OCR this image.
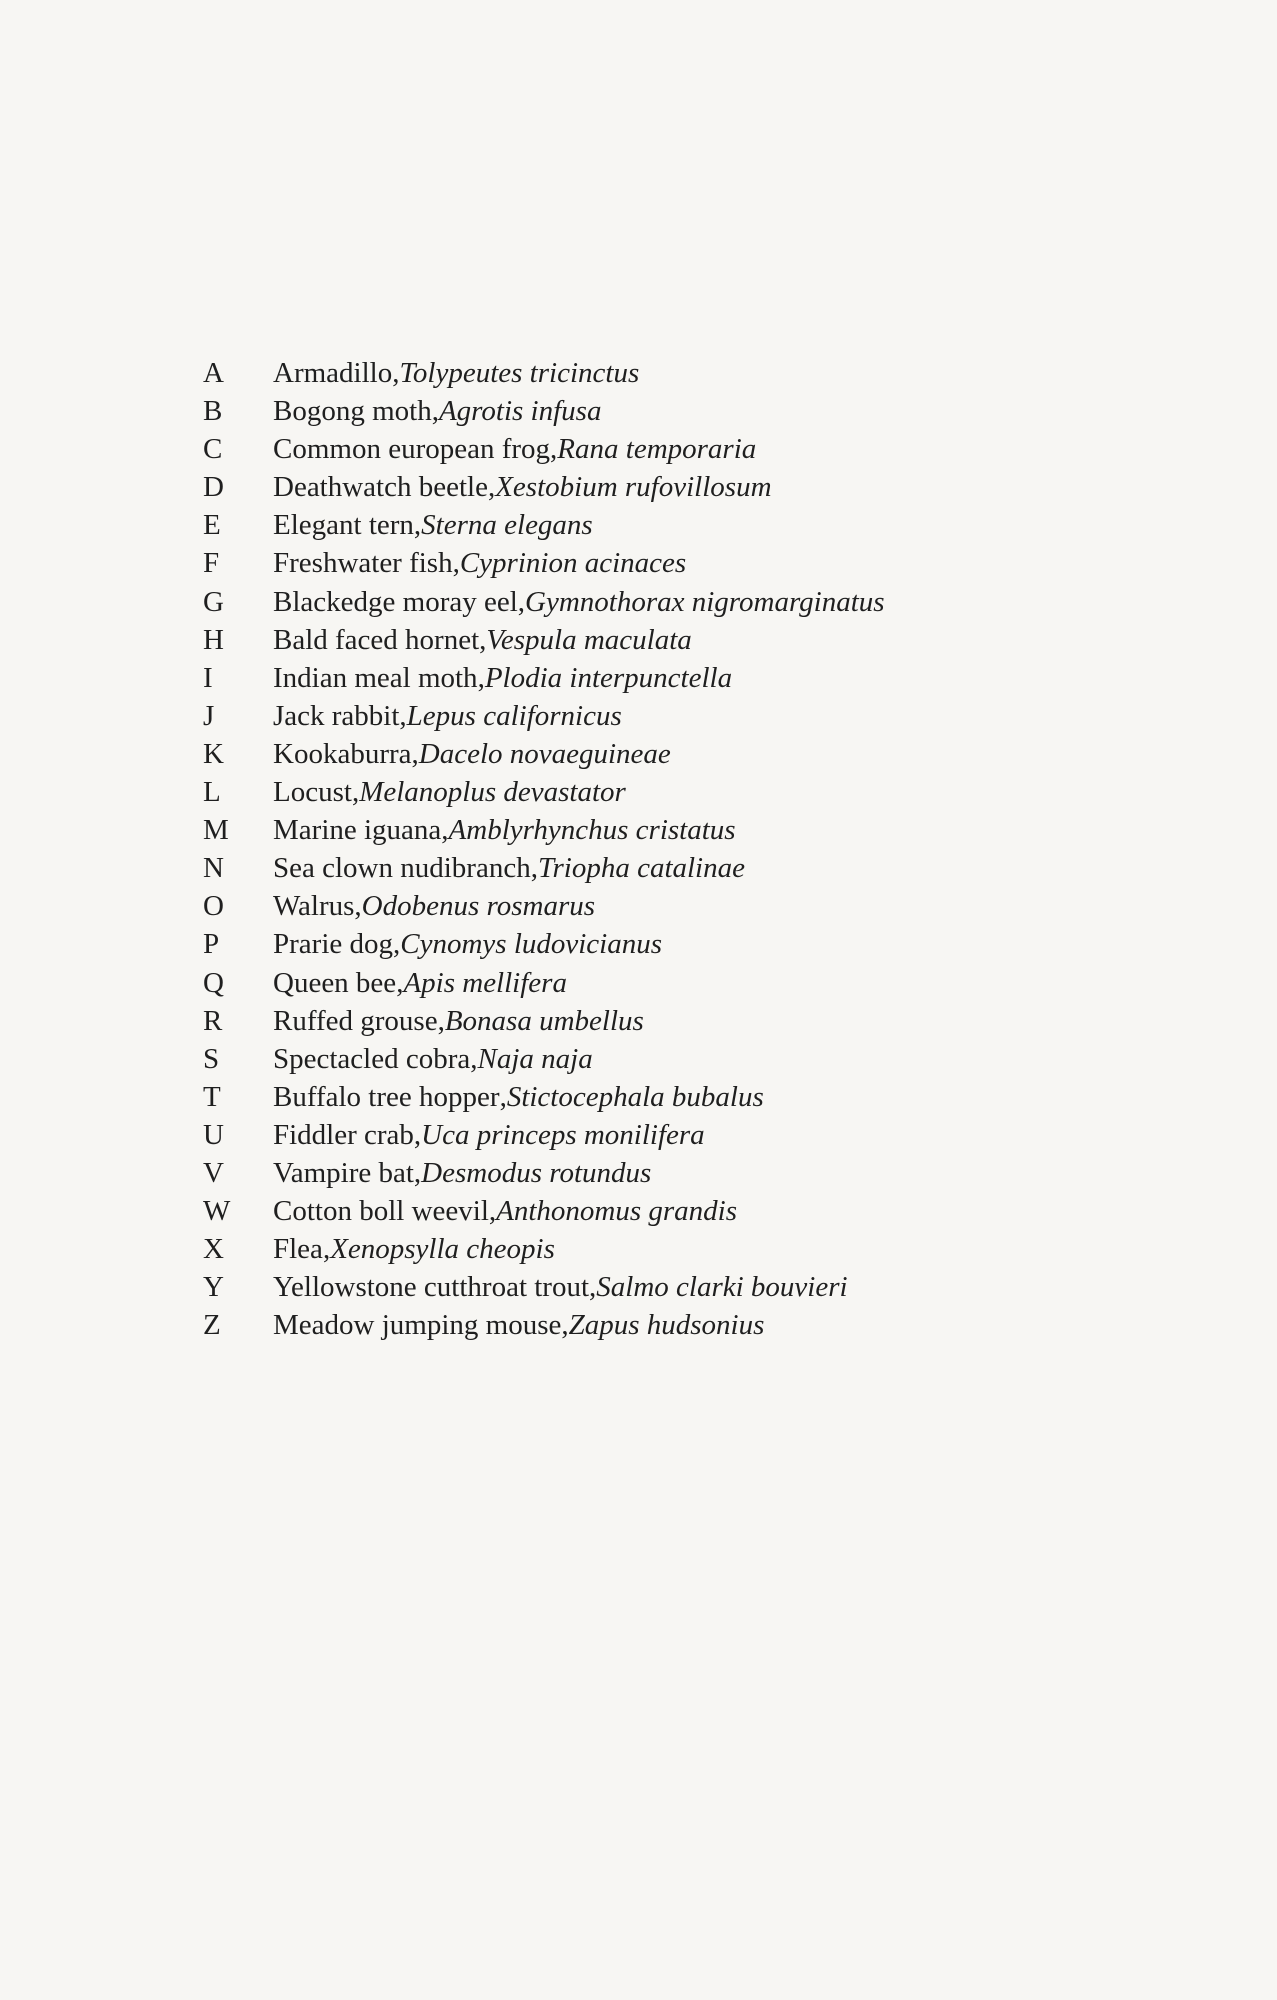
A	Armadillo , Tolypeutes tricinctus
B	Bogong moth , Agrotis infusa
C	Common european frog , Rana temporaria
D	Deathwatch beetle , Xestobium rufovillosum
E	Elegant tern , Sterna elegans
F	Freshwater fish , Cyprinion acinaces
G	Blackedge moray eel , Gymnothorax nigromarginatus
H	Bald faced hornet , Vespula maculata
I	Indian meal moth , Plodia interpunctella
J	Jack rabbit , Lepus californicus
K	Kookaburra , Dacelo novaeguineae
L	Locust , Melanoplus devastator
M	Marine iguana , Amblyrhynchus cristatus
N	Sea clown nudibranch , Triopha catalinae
O	Walrus , Odobenus rosmarus
P	Prarie dog , Cynomys ludovicianus
Q	Queen bee , Apis mellifera
R	Ruffed grouse , Bonasa umbellus
S	Spectacled cobra , Naja naja
T	Buffalo tree hopper , Stictocephala bubalus
U	Fiddler crab , Uca princeps monilifera
V	Vampire bat , Desmodus rotundus
W	Cotton boll weevil , Anthonomus grandis
X	Flea , Xenopsylla cheopis
Y	Yellowstone cutthroat trout , Salmo clarki bouvieri
Z	Meadow jumping mouse , Zapus hudsonius
